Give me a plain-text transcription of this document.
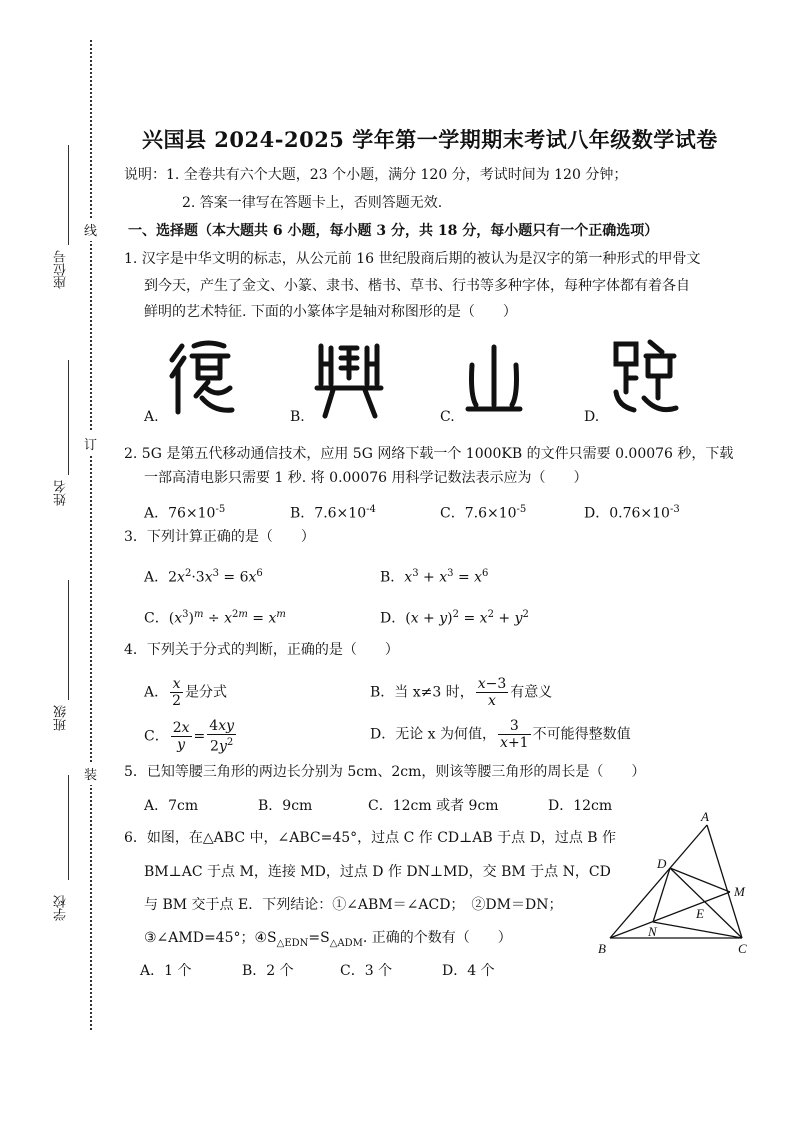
座位号
姓名
班级
学校
线
订
装
兴国县 2024-2025 学年第一学期期末考试八年级数学试卷
说明：1. 全卷共有六个大题，23 个小题，满分 120 分，考试时间为 120 分钟；
2. 答案一律写在答题卡上，否则答题无效.
一、选择题（本大题共 6 小题，每小题 3 分，共 18 分，每小题只有一个正确选项）
1. 汉字是中华文明的标志，从公元前 16 世纪殷商后期的被认为是汉字的第一种形式的甲骨文
到今天，产生了金文、小篆、隶书、楷书、草书、行书等多种字体，每种字体都有着各自
鲜明的艺术特征. 下面的小篆体字是轴对称图形的是（　　）
A.	B.	C.	D.
2. 5G 是第五代移动通信技术，应用 5G 网络下载一个 1000KB 的文件只需要 0.00076 秒，下载
一部高清电影只需要 1 秒. 将 0.00076 用科学记数法表示应为（　　）
A．$76\times 10^{-5}$	B．$7.6\times 10^{-4}$	C．$7.6\times 10^{-5}$	D．$0.76\times 10^{-3}$
3．下列计算正确的是（　　）
A．$2x^2\cdot 3x^3 = 6x^6$	B．$x^3 + x^3 = x^6$
C．$(x^3)^m \div x^{2m} = x^m$	D．$(x + y)^2 = x^2 + y^2$
4．下列关于分式的判断，正确的是（　　）
A． $\frac{x}{2}$ 是分式	B．当 x≠3 时， $\frac{x-3}{x}$ 有意义
C． $\frac{2x}{y} = \frac{4xy}{2y^2}$	D．无论 x 为何值， $\frac{3}{x+1}$ 不可能得整数值
5．已知等腰三角形的两边长分别为 5cm、2cm，则该等腰三角形的周长是（　　）
A．7cm	B．9cm	C．12cm 或者 9cm	D．12cm
6．如图，在△ABC 中，∠ABC=45°，过点 C 作 CD⊥AB 于点 D，过点 B 作
BM⊥AC 于点 M，连接 MD，过点 D 作 DN⊥MD，交 BM 于点 N，CD
与 BM 交于点 E．下列结论：①∠ABM＝∠ACD；　②DM＝DN；
③∠AMD=45°；$④S_{\triangle EDN}=S_{\triangle ADM}$. 正确的个数有（　　）
A．1 个	B．2 个	C．3 个	D．4 个
A
B	C
D
M
N
E
